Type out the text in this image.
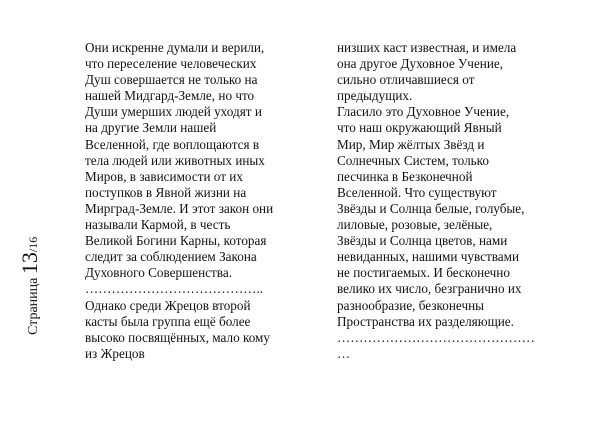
Страница 13/16
Они искренне думали и верили,
что переселение человеческих
Душ совершается не только на
нашей Мидгард-Земле, но что
Души умерших людей уходят и
на другие Земли нашей
Вселенной, где воплощаются в
тела людей или животных иных
Миров, в зависимости от их
поступков в Явной жизни на
Миргрaд-Земле. И этот закон они
называли Кармой, в честь
Великой Богини Карны, которая
следит за соблюдением Закона
Духовного Совершенства.
…………………………………..
Однако среди Жрецов второй
касты была группа ещё более
высоко посвящённых, мало кому
из Жрецов
низших каст известная, и имела
она другое Духовное Учение,
сильно отличавшиеся от
предыдущих.
Гласило это Духовное Учение,
что наш окружающий Явный
Мир, Мир жёлтых Звёзд и
Солнечных Систем, только
песчинка в Безконечной
Вселенной. Что существуют
Звёзды и Солнца белые, голубые,
лиловые, розовые, зелёные,
Звёзды и Солнца цветов, нами
невиданных, нашими чувствами
не постигаемых. И бесконечно
велико их число, безгранично их
разнообразие, безконечны
Пространства их разделяющие.
………………………………………
…
